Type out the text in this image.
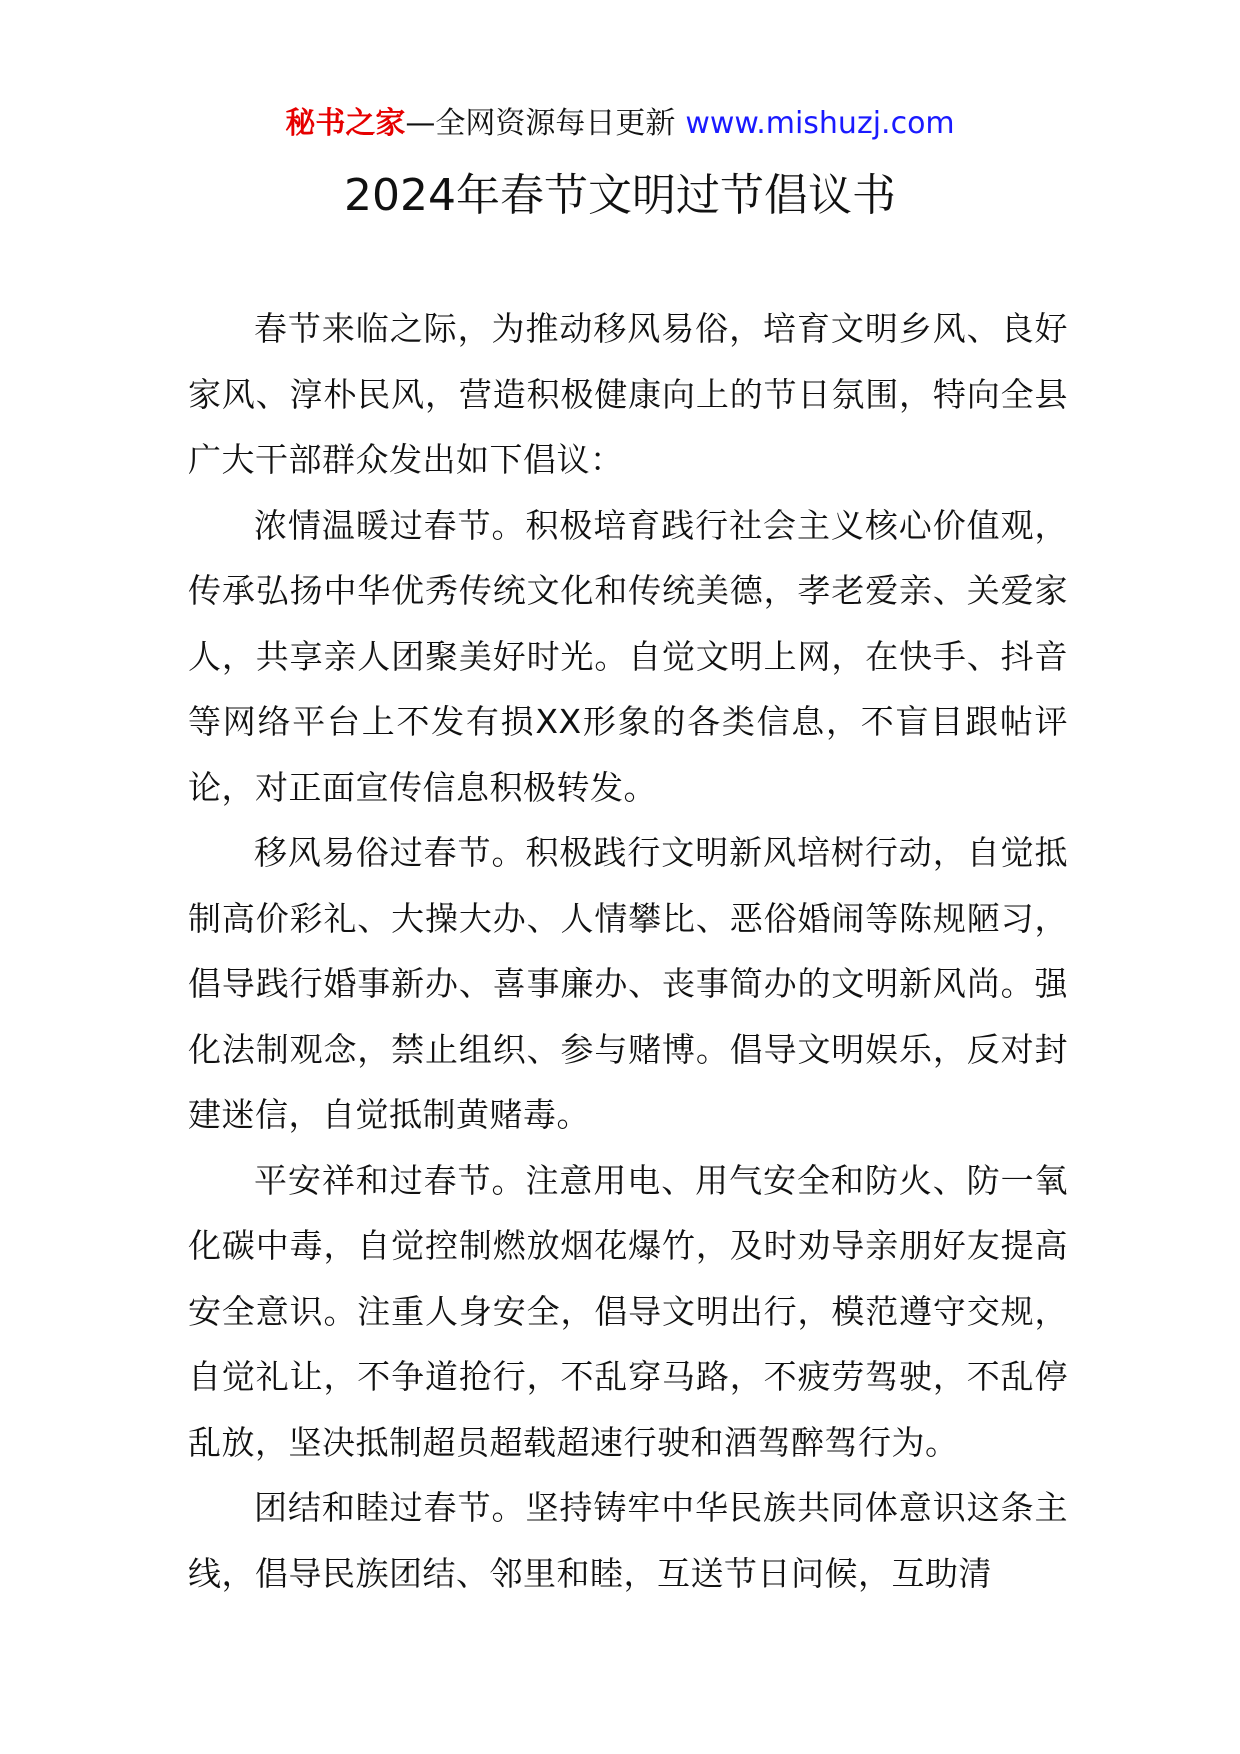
秘书之家—全网资源每日更新 www.mishuzj.com
2024年春节文明过节倡议书

春节来临之际，为推动移风易俗，培育文明乡风、良好家风、淳朴民风，营造积极健康向上的节日氛围，特向全县广大干部群众发出如下倡议：

浓情温暖过春节。积极培育践行社会主义核心价值观，传承弘扬中华优秀传统文化和传统美德，孝老爱亲、关爱家人，共享亲人团聚美好时光。自觉文明上网，在快手、抖音等网络平台上不发有损XX形象的各类信息，不盲目跟帖评论，对正面宣传信息积极转发。

移风易俗过春节。积极践行文明新风培树行动，自觉抵制高价彩礼、大操大办、人情攀比、恶俗婚闹等陈规陋习，倡导践行婚事新办、喜事廉办、丧事简办的文明新风尚。强化法制观念，禁止组织、参与赌博。倡导文明娱乐，反对封建迷信，自觉抵制黄赌毒。

平安祥和过春节。注意用电、用气安全和防火、防一氧化碳中毒，自觉控制燃放烟花爆竹，及时劝导亲朋好友提高安全意识。注重人身安全，倡导文明出行，模范遵守交规，自觉礼让，不争道抢行，不乱穿马路，不疲劳驾驶，不乱停乱放，坚决抵制超员超载超速行驶和酒驾醉驾行为。

团结和睦过春节。坚持铸牢中华民族共同体意识这条主线，倡导民族团结、邻里和睦，互送节日问候，互助清
